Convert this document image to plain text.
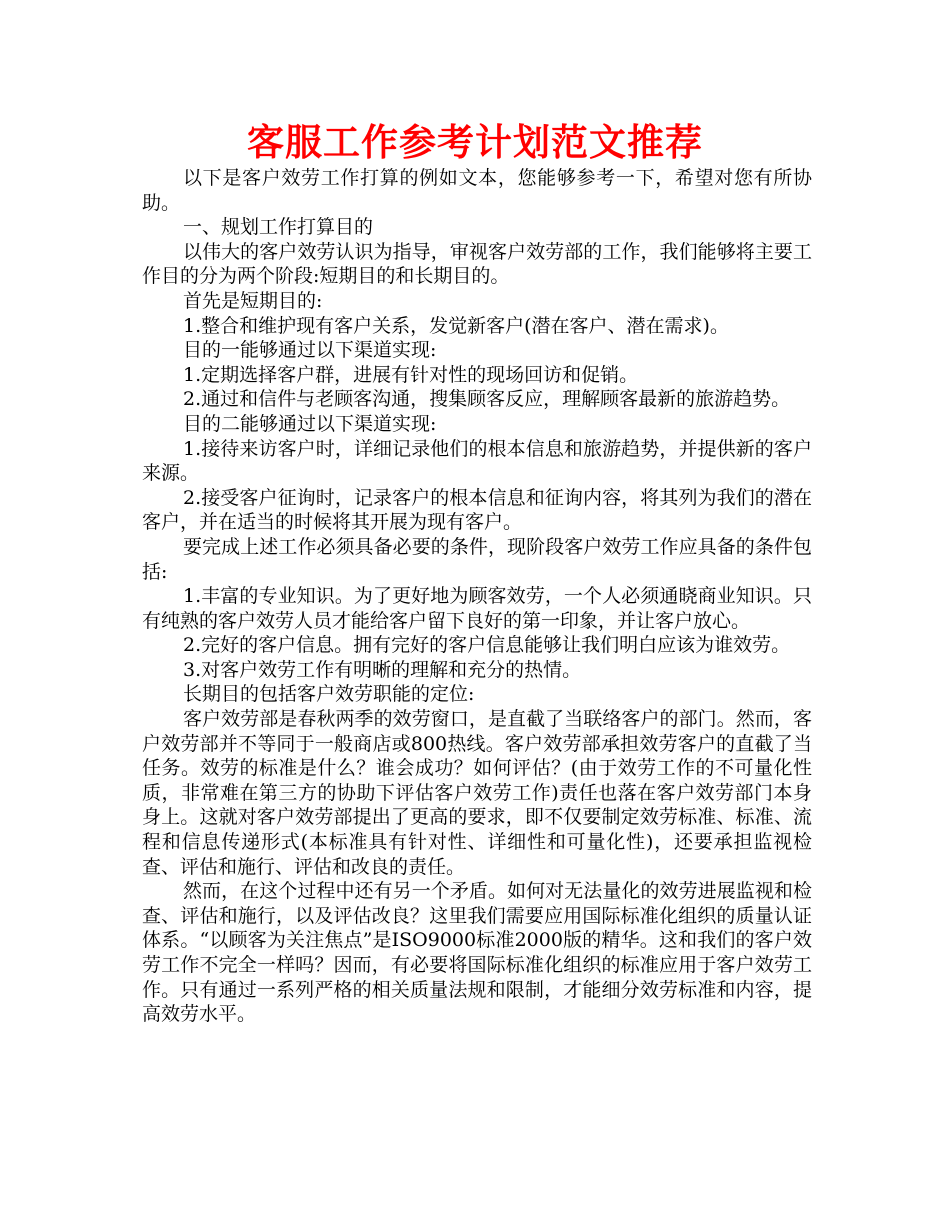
客服工作参考计划范文推荐

以下是客户效劳工作打算的例如文本，您能够参考一下，希望对您有所协助。

一、规划工作打算目的

以伟大的客户效劳认识为指导，审视客户效劳部的工作，我们能够将主要工作目的分为两个阶段:短期目的和长期目的。

首先是短期目的:

1.整合和维护现有客户关系，发觉新客户(潜在客户、潜在需求)。

目的一能够通过以下渠道实现:

1.定期选择客户群，进展有针对性的现场回访和促销。

2.通过和信件与老顾客沟通，搜集顾客反应，理解顾客最新的旅游趋势。

目的二能够通过以下渠道实现:

1.接待来访客户时，详细记录他们的根本信息和旅游趋势，并提供新的客户来源。

2.接受客户征询时，记录客户的根本信息和征询内容，将其列为我们的潜在客户，并在适当的时候将其开展为现有客户。

要完成上述工作必须具备必要的条件，现阶段客户效劳工作应具备的条件包括:

1.丰富的专业知识。为了更好地为顾客效劳，一个人必须通晓商业知识。只有纯熟的客户效劳人员才能给客户留下良好的第一印象，并让客户放心。

2.完好的客户信息。拥有完好的客户信息能够让我们明白应该为谁效劳。

3.对客户效劳工作有明晰的理解和充分的热情。

长期目的包括客户效劳职能的定位:

客户效劳部是春秋两季的效劳窗口，是直截了当联络客户的部门。然而，客户效劳部并不等同于一般商店或800热线。客户效劳部承担效劳客户的直截了当任务。效劳的标准是什么？谁会成功？如何评估？(由于效劳工作的不可量化性质，非常难在第三方的协助下评估客户效劳工作)责任也落在客户效劳部门本身身上。这就对客户效劳部提出了更高的要求，即不仅要制定效劳标准、标准、流程和信息传递形式(本标准具有针对性、详细性和可量化性)，还要承担监视检查、评估和施行、评估和改良的责任。

然而，在这个过程中还有另一个矛盾。如何对无法量化的效劳进展监视和检查、评估和施行，以及评估改良？这里我们需要应用国际标准化组织的质量认证体系。“以顾客为关注焦点”是ISO9000标准2000版的精华。这和我们的客户效劳工作不完全一样吗？因而，有必要将国际标准化组织的标准应用于客户效劳工作。只有通过一系列严格的相关质量法规和限制，才能细分效劳标准和内容，提高效劳水平。
